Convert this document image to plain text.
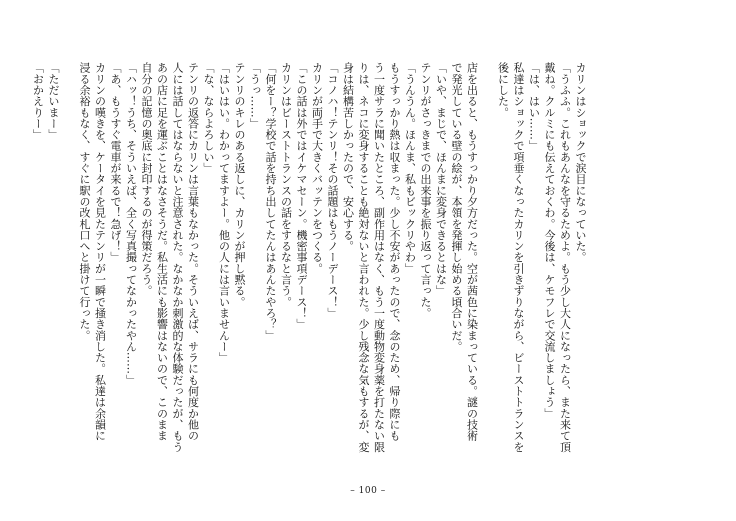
カリンはショックで涙目になっていた。
「うふふ。これもあんなを守るためよ。もう少し大人になったら、また来て頂
戴ね。クルミにも伝えておくわ。今後は、ケモフレで交流しましょう」
「は、はい……」
私達はショックで項垂くなったカリンを引きずりながら、ビーストトランスを
後にした。

店を出ると、もうすっかり夕方だった。空が茜色に染まっている。謎の技術
で発光している壁の絵が、本領を発揮し始める頃合いだ。
「いや、まじで、ほんまに変身できるとはな」
テンリがさっきまでの出来事を振り返って言った。
「うんうん。ほんま、私もビックリやわ」
もうすっかり熱は収まった。少し不安があったので、念のため、帰り際にも
う一度サラに聞いたところ、副作用はなく、もう一度動物変身薬を打たない限
りは、ネコに変身することも絶対ないと言われた。少し残念な気もするが、変
身は結構苦しかったので、安心する。
「コノハ！テンリ！その話題はもうノーデース！」
カリンが両手で大きくバッテンをつくる。
「この話は外ではイケマセーン。機密事項デース！」
カリンはビーストトランスの話をするなと言う。
「何をー？学校で話を持ち出してたんはあんたやろ？」
「うっ……」
テンリのキレのある返しに、カリンが押し黙る。
「はいはい。わかってますよー。他の人には言いませんー」
「な、ならよろしい」
テンリの返答にカリンは言葉もなかった。そういえば、サラにも何度か他の
人には話してはならないと注意された。なかなか刺激的な体験だったが、もう
あの店に足を運ぶことはなさそうだ。私生活にも影響はないので、このまま
自分の記憶の奥底に封印するのが得策だろう。
「ハッ！うち、そういえば、全く写真撮ってなかったやん……」
「あ、もうすぐ電車が来るで！急げ！」
カリンの嘆きを、ケータイを見たテンリが一瞬で掻き消した。私達は余韻に
浸る余裕もなく、すぐに駅の改札口へと掛けて行った。

「ただいまー」
「おかえりー」
– 100 –
